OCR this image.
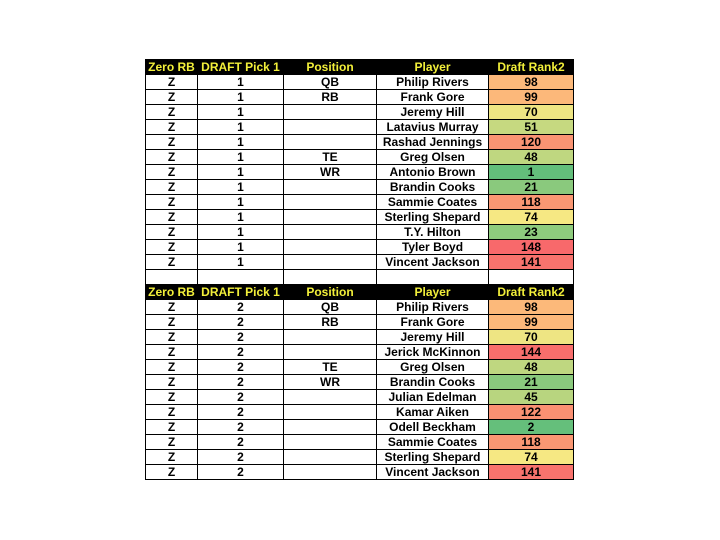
Zero RB	DRAFT Pick 1	Position	Player	Draft Rank2
Z	1	QB	Philip Rivers	98
Z	1	RB	Frank Gore	99
Z	1		Jeremy Hill	70
Z	1		Latavius Murray	51
Z	1		Rashad Jennings	120
Z	1	TE	Greg Olsen	48
Z	1	WR	Antonio Brown	1
Z	1		Brandin Cooks	21
Z	1		Sammie Coates	118
Z	1		Sterling Shepard	74
Z	1		T.Y. Hilton	23
Z	1		Tyler Boyd	148
Z	1		Vincent Jackson	141

Zero RB	DRAFT Pick 1	Position	Player	Draft Rank2
Z	2	QB	Philip Rivers	98
Z	2	RB	Frank Gore	99
Z	2		Jeremy Hill	70
Z	2		Jerick McKinnon	144
Z	2	TE	Greg Olsen	48
Z	2	WR	Brandin Cooks	21
Z	2		Julian Edelman	45
Z	2		Kamar Aiken	122
Z	2		Odell Beckham	2
Z	2		Sammie Coates	118
Z	2		Sterling Shepard	74
Z	2		Vincent Jackson	141
